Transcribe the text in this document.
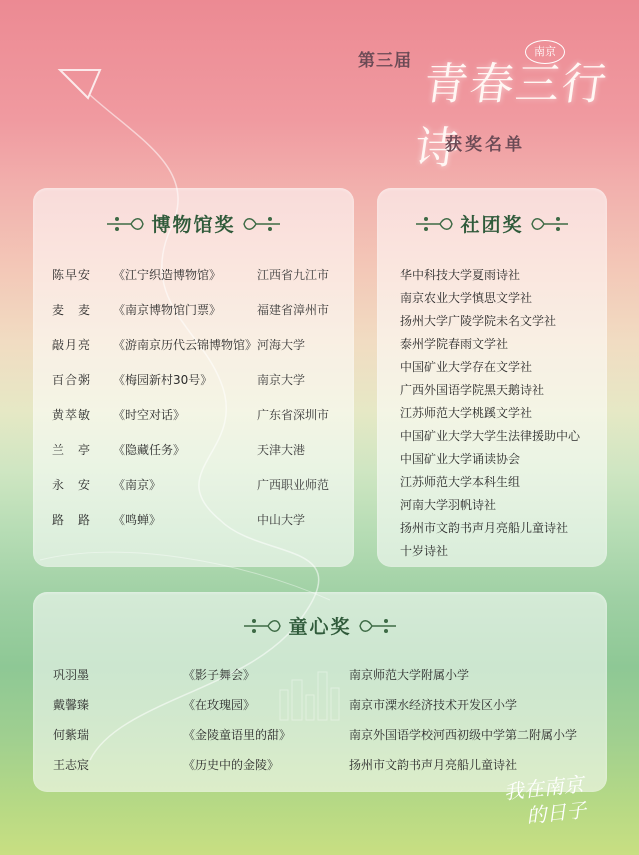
第三届 青春三行诗
南京
获奖名单
博物馆奖
陈早安 《江宁织造博物馆》	江西省九江市
麦　麦 《南京博物馆门票》	福建省漳州市
敲月亮 《游南京历代云锦博物馆》 河海大学
百合粥 《梅园新村30号》	南京大学
黄萃敏 《时空对话》	广东省深圳市
兰　亭 《隐藏任务》	天津大港
永　安 《南京》	广西职业师范
路　路 《鸣蝉》	中山大学
社团奖
华中科技大学夏雨诗社
南京农业大学慎思文学社
扬州大学广陵学院未名文学社
泰州学院春雨文学社
中国矿业大学存在文学社
广西外国语学院黑天鹅诗社
江苏师范大学桃蹊文学社
中国矿业大学大学生法律援助中心
中国矿业大学诵读协会
江苏师范大学本科生组
河南大学羽帆诗社
扬州市文韵书声月亮船儿童诗社
十岁诗社
童心奖
巩羽墨	《影子舞会》	南京师范大学附属小学
戴馨臻	《在玫瑰园》	南京市溧水经济技术开发区小学
何紫瑞	《金陵童语里的甜》	南京外国语学校河西初级中学第二附属小学
王志宸	《历史中的金陵》	扬州市文韵书声月亮船儿童诗社
我在南京
的日子
